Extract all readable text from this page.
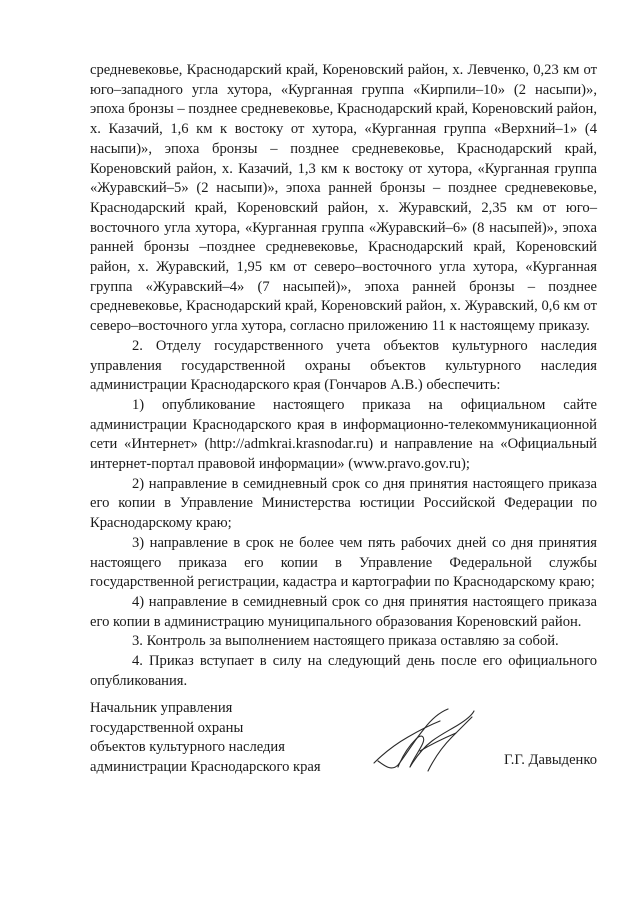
средневековье, Краснодарский край, Кореновский район, х. Левченко, 0,23 км от юго–западного угла хутора, «Курганная группа «Кирпили–10» (2 насыпи)», эпоха бронзы – позднее средневековье, Краснодарский край, Кореновский район, х. Казачий, 1,6 км к востоку от хутора, «Курганная группа «Верхний–1» (4 насыпи)», эпоха бронзы – позднее средневековье, Краснодарский край, Кореновский район, х. Казачий, 1,3 км к востоку от хутора, «Курганная группа «Журавский–5» (2 насыпи)», эпоха ранней бронзы – позднее средневековье, Краснодарский край, Кореновский район, х. Журавский, 2,35 км от юго–восточного угла хутора, «Курганная группа «Журавский–6» (8 насыпей)», эпоха ранней бронзы –позднее средневековье, Краснодарский край, Кореновский район, х. Журавский, 1,95 км от северо–восточного угла хутора, «Курганная группа «Журавский–4» (7 насыпей)», эпоха ранней бронзы – позднее средневековье, Краснодарский край, Кореновский район, х. Журавский, 0,6 км от северо–восточного угла хутора, согласно приложению 11 к настоящему приказу.

2. Отделу государственного учета объектов культурного наследия управления государственной охраны объектов культурного наследия администрации Краснодарского края (Гончаров А.В.) обеспечить:

1) опубликование настоящего приказа на официальном сайте администрации Краснодарского края в информационно-телекоммуникационной сети «Интернет» (http://admkrai.krasnodar.ru) и направление на «Официальный интернет-портал правовой информации» (www.pravo.gov.ru);

2) направление в семидневный срок со дня принятия настоящего приказа его копии в Управление Министерства юстиции Российской Федерации по Краснодарскому краю;

3) направление в срок не более чем пять рабочих дней со дня принятия настоящего приказа его копии в Управление Федеральной службы государственной регистрации, кадастра и картографии по Краснодарскому краю;

4) направление в семидневный срок со дня принятия настоящего приказа его копии в администрацию муниципального образования Кореновский район.

3. Контроль за выполнением настоящего приказа оставляю за собой.

4. Приказ вступает в силу на следующий день после его официального опубликования.

Начальник управления
государственной охраны
объектов культурного наследия
администрации Краснодарского края	Г.Г. Давыденко
